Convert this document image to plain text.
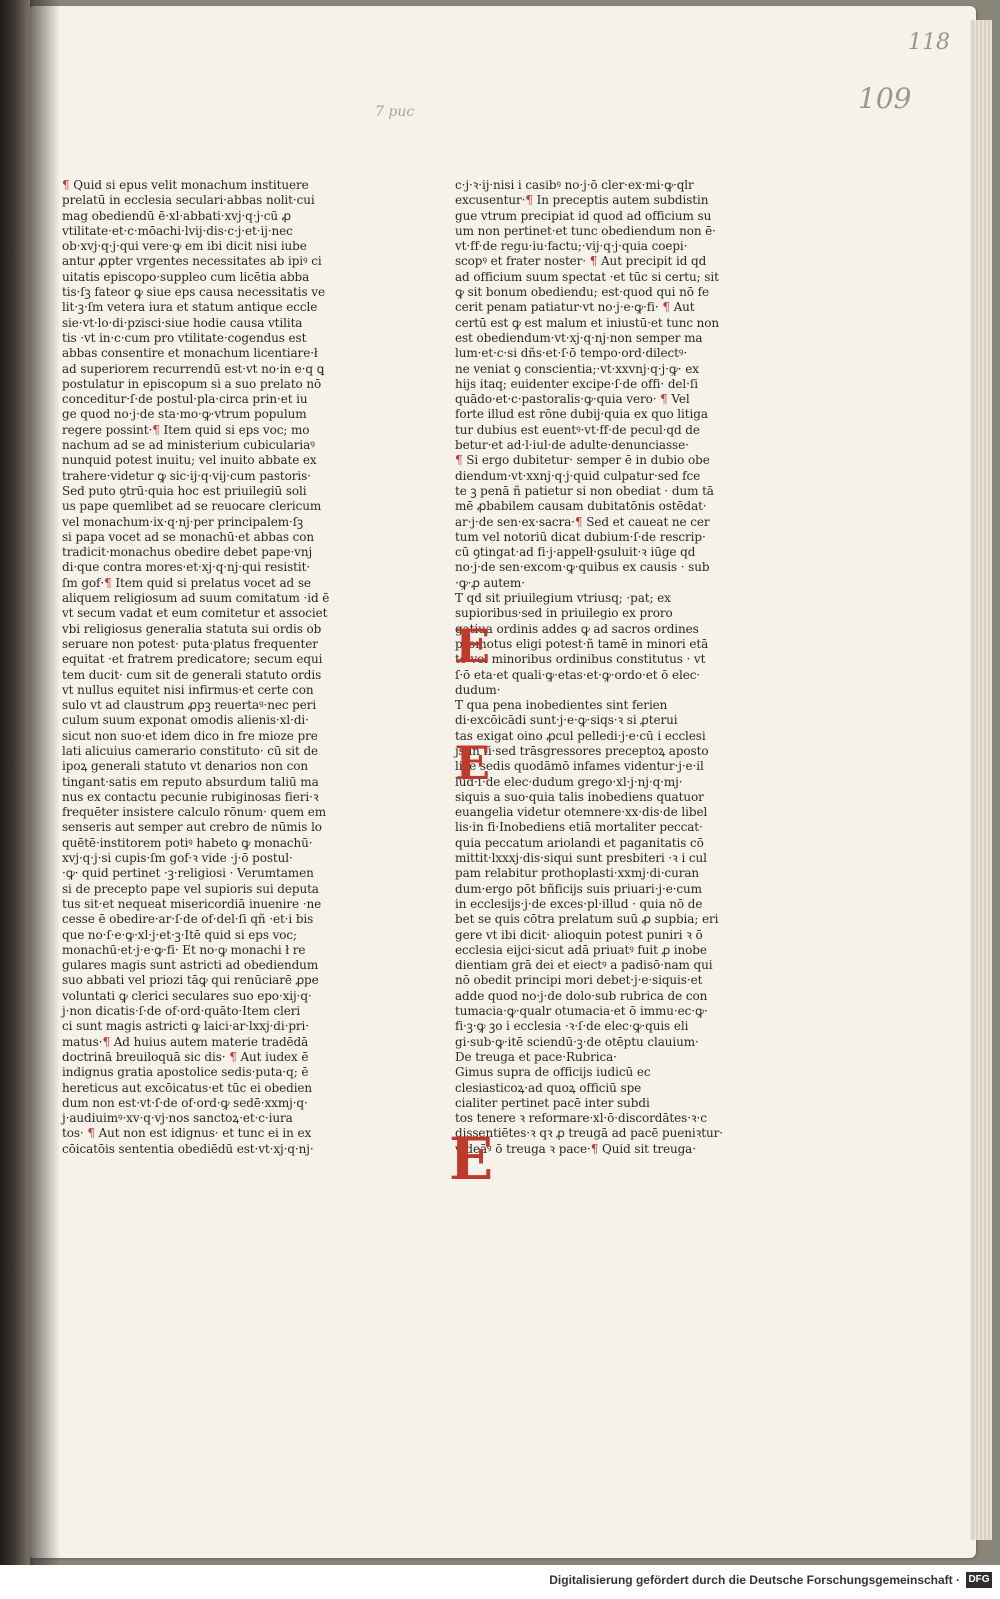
118
109
7 puc
¶ Quid si epus velit monachum instituere
prelatū in ecclesia seculari·abbas nolit·cui
mag obediendū ē·xl·abbati·xvj·q·j·cū ꝓ
vtilitate·et·c·mōachi·lvij·dis·c·j·et·ij·nec
ob·xvj·q·j·qui vere·ꝙ em ibi dicit nisi iube
antur ꝓpter vrgentes necessitates ab ipiꝰ ci
uitatis episcopo·suppleo cum licētia abba
tis·ſꝫ fateor ꝙ siue eps causa necessitatis ve
lit·ꝫ·ſm vetera iura et statum antique eccle
sie·vt·lo·di·pzisci·siue hodie causa vtilita
tis ·vt in·c·cum pro vtilitate·cogendus est
abbas consentire et monachum licentiare·ł
ad superiorem recurrendū est·vt no·in e·q ꝗ
postulatur in episcopum si a suo prelato nō
conceditur·ſ·de postul·pla·circa prin·et iu
ge quod no·j·de sta·mo·ꝙ·vtrum populum
regere possint·¶ Item quid si eps voc; mo
nachum ad se ad ministerium cubiculariaꝰ
nunquid potest inuitu; vel inuito abbate ex
trahere·videtur ꝙ sic·ij·q·vij·cum pastoris·
Sed puto ꝯtrū·quia hoc est priuilegiū soli
us pape quemlibet ad se reuocare clericum
vel monachum·ix·q·nj·per principalem·ſꝫ
si papa vocet ad se monachū·et abbas con
tradicit·monachus obedire debet pape·vnj
di·que contra mores·et·xj·q·nj·qui resistit·
ſm gof·¶ Item quid si prelatus vocet ad se
aliquem religiosum ad suum comitatum ·id ē
vt secum vadat et eum comitetur et associet
vbi religiosus generalia statuta sui ordis ob
seruare non potest· puta·platus frequenter
equitat ·et fratrem predicatore; secum equi
tem ducit· cum sit de generali statuto ordis
vt nullus equitet nisi infirmus·et certe con
sulo vt ad claustrum ꝓpꝫ reuertaꝰ·nec peri
culum suum exponat omodis alienis·xl·di·
sicut non suo·et idem dico in fre mioze pre
lati alicuius camerario constituto· cū sit de
ipoꝝ generali statuto vt denarios non con
tingant·satis em reputo absurdum taliū ma
nus ex contactu pecunie rubiginosas fieri·ꝛ
frequēter insistere calculo rōnum· quem em
senseris aut semper aut crebro de nūmis lo
quētē·institorem potiꝰ habeto ꝙ monachū·
xvj·q·j·si cupis·ſm gof·ꝛ vide ·j·ō postul·
·ꝙ· quid pertinet ·ꝫ·religiosi · Verumtamen
si de precepto pape vel supioris sui deputa
tus sit·et nequeat misericordiā inuenire ·ne
cesse ē obedire·ar·ſ·de of·del·ſi qñ ·et·i bis
que no·ſ·e·ꝙ·xl·j·et·ꝫ·Itē quid si eps voc;
monachū·et·j·e·ꝙ·fi· Et no·ꝙ monachi ł re
gulares magis sunt astricti ad obediendum
suo abbati vel priozi tāꝙ qui renūciarē ꝓpe
voluntati ꝙ clerici seculares suo epo·xij·q·
j·non dicatis·ſ·de of·ord·quāto·Item cleri
ci sunt magis astricti ꝙ laici·ar·lxxj·di·pri·
matus·¶ Ad huius autem materie tradēdā
doctrinā breuiloquā sic dis· ¶ Aut iudex ē
indignus gratia apostolice sedis·puta·q; ē
hereticus aut excōicatus·et tūc ei obedien
dum non est·vt·ſ·de of·ord·ꝙ sedē·xxmj·q·
j·audiuimꝰ·xv·q·vj·nos sanctoꝝ·et·c·iura
tos· ¶ Aut non est idignus· et tunc ei in ex
cōicatōis sententia obediēdū est·vt·xj·q·nj·
c·j·ꝛ·ij·nisi i casibꝰ no·j·ō cler·ex·mi·ꝙ·qlr
excusentur·¶ In preceptis autem subdistin
gue vtrum precipiat id quod ad officium su
um non pertinet·et tunc obediendum non ē·
vt·ff·de regu·iu·factu;·vij·q·j·quia coepi·
scopꝰ et frater noster· ¶ Aut precipit id qd
ad officium suum spectat ·et tūc si certu; sit
ꝙ sit bonum obediendu; est·quod qui nō fe
cerit penam patiatur·vt no·j·e·ꝙ·fi· ¶ Aut
certū est ꝙ est malum et iniustū·et tunc non
est obediendum·vt·xj·q·nj·non semper ma
lum·et·c·si dñs·et·ſ·ō tempo·ord·dilectꝰ·
ne veniat ꝯ conscientia;·vt·xxvnj·q·j·ꝙ· ex
hijs itaq; euidenter excipe·ſ·de offi· del·ſi
quādo·et·c·pastoralis·ꝙ·quia vero· ¶ Vel
forte illud est rōne dubij·quia ex quo litiga
tur dubius est euentꝰ·vt·ff·de pecul·qd de
betur·et ad·l·iul·de adulte·denunciasse·
¶ Si ergo dubitetur· semper ē in dubio obe
diendum·vt·xxnj·q·j·quid culpatur·sed fce
te ꝫ penā ñ patietur si non obediat · dum tā
mē ꝓbabilem causam dubitatōnis ostēdat·
ar·j·de sen·ex·sacra·¶ Sed et caueat ne cer
tum vel notoriū dicat dubium·ſ·de rescrip·
cū ꝯtingat·ad fi·j·appelł·ꝯsuluit·ꝛ iūge qd
no·j·de sen·excom·ꝙ·quibus ex causis · sub
·ꝙ·ꝓ autem·
T qd sit priuilegium vtriusq; ·pat; ex
supioribus·sed in priuilegio ex proro
gatiua ordinis addes ꝙ ad sacros ordines
promotus eligi potest·ñ tamē in minori etā
te vel minoribus ordinibus constitutus · vt
ſ·ō eta·et quali·ꝙ·etas·et·ꝙ·ordo·et ō elec·
dudum·
T qua pena inobedientes sint ferien
di·excōicādi sunt·j·e·ꝙ·siqs·ꝛ si ꝓterui
tas exigat oino ꝓcul pelledi·j·e·cū i ecclesi
js·in fi·sed trāsgressores preceptoꝝ aposto
lice sedis quodāmō infames videntur·j·e·il
lud·ſ·de elec·dudum grego·xl·j·nj·q·mj·
siquis a suo·quia talis inobediens quatuor
euangelia videtur otemnere·xx·dis·de libel
lis·in fi·Inobediens etiā mortaliter peccat·
quia peccatum ariolandi et paganitatis cō
mittit·lxxxj·dis·siqui sunt presbiteri ·ꝛ i cul
pam relabitur prothoplasti·xxmj·di·curan
dum·ergo pōt bñficijs suis priuari·j·e·cum
in ecclesijs·j·de exces·pl·illud · quia nō de
bet se quis cōtra prelatum suū ꝓ supbia; eri
gere vt ibi dicit· alioquin potest puniri ꝛ ō
ecclesia eijci·sicut adā priuatꝰ fuit ꝓ inobe
dientiam grā dei et eiectꝰ a padisō·nam qui
nō obedit principi mori debet·j·e·siquis·et
adde quod no·j·de dolo·sub rubrica de con
tumacia·ꝙ·qualr otumacia·et ō immu·ec·ꝙ·
fi·ꝫ·ꝙ ꝫo i ecclesia ·ꝛ·ſ·de elec·ꝙ·quis eli
gi·sub·ꝙ·itē sciendū·ꝫ·de otēptu clauium·
De treuga et pace·Rubrica·
Gimus supra de officijs iudicū ec
clesiasticoꝝ·ad quoꝝ officiū spe
cialiter pertinet pacē inter subdi
tos tenere ꝛ reformare·xl·ō·discordātes·ꝛ·c
dissentiētes·ꝛ qꝛ ꝓ treugā ad pacē pueniꝛtur·
videāꝰ ō treuga ꝛ pace·¶ Quid sit treuga·
E
E
E
Digitalisierung gefördert durch die Deutsche Forschungsgemeinschaft · DFG
